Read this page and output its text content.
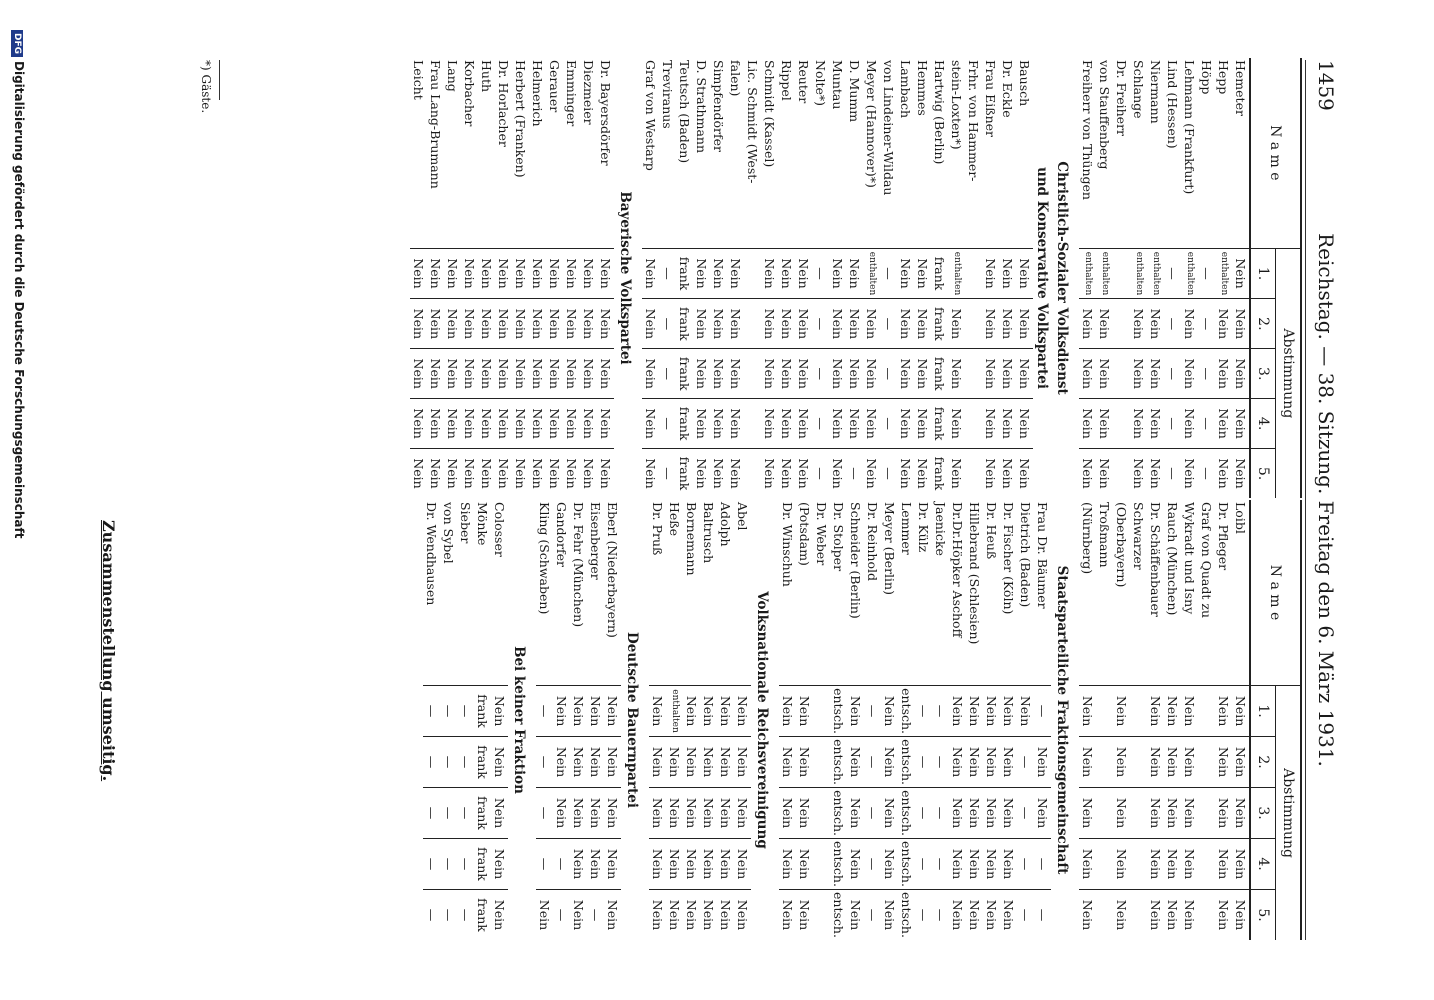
1459
Reichstag. — 38. Sitzung. Freitag den 6. März 1931.
N a m e	Abstimmung				
	1.	2.	3.	4.	5.
Hemeter	Nein	Nein	Nein	Nein	Nein
Hepp	enthalten	Nein	Nein	Nein	Nein
Höpp	—	—	—	—	—
Lehmann (Frankfurt)	enthalten	Nein	Nein	Nein	Nein
Lind (Hessen)	—	—	—	—	—
Niermann	enthalten	Nein	Nein	Nein	Nein
Schlange	enthalten	Nein	Nein	Nein	Nein
Dr. Freiherr					
von Stauffenberg	enthalten	Nein	Nein	Nein	Nein
Freiherr von Thüngen	enthalten	Nein	Nein	Nein	Nein
Christlich-Sozialer Volksdienst					
und Konservative Volkspartei					
Bausch	Nein	Nein	Nein	Nein	Nein
Dr. Eckle	Nein	Nein	Nein	Nein	Nein
Frau Eißner	Nein	Nein	Nein	Nein	Nein
Frhr. von Hammer-					
stein-Loxten*)	enthalten	Nein	Nein	Nein	Nein
Hartwig (Berlin)	frank	frank	frank	frank	frank
Hemmes	Nein	Nein	Nein	Nein	Nein
Lambach	Nein	Nein	Nein	Nein	Nein
von Lindeiner-Wildau	—	—	—	—	—
Meyer (Hannover)*)	enthalten	Nein	Nein	Nein	Nein
D. Mumm	Nein	Nein	Nein	Nein	—
Muntau	Nein	Nein	Nein	Nein	Nein
Nolte*)	—	—	—	—	—
Reuter	Nein	Nein	Nein	Nein	Nein
Rippel	Nein	Nein	Nein	Nein	Nein
Schmidt (Kassel)	Nein	Nein	Nein	Nein	Nein
Lic. Schmidt (West-					
falen)	Nein	Nein	Nein	Nein	Nein
Simpfendörfer	Nein	Nein	Nein	Nein	Nein
D. Strathmann	Nein	Nein	Nein	Nein	Nein
Teutsch (Baden)	frank	frank	frank	frank	frank
Treviranus	—	—	—	—	—
Graf von Westarp	Nein	Nein	Nein	Nein	Nein
Bayerische Volkspartei					
Dr. Bayersdörfer	Nein	Nein	Nein	Nein	Nein
Diezmeier	Nein	Nein	Nein	Nein	Nein
Emminger	Nein	Nein	Nein	Nein	Nein
Gerauer	Nein	Nein	Nein	Nein	Nein
Helmerich	Nein	Nein	Nein	Nein	Nein
Herbert (Franken)	Nein	Nein	Nein	Nein	Nein
Dr. Horlacher	Nein	Nein	Nein	Nein	Nein
Huth	Nein	Nein	Nein	Nein	Nein
Korbacher	Nein	Nein	Nein	Nein	Nein
Lang	Nein	Nein	Nein	Nein	Nein
Frau Lang-Brumann	Nein	Nein	Nein	Nein	Nein
Leicht	Nein	Nein	Nein	Nein	Nein
N a m e	Abstimmung				
	1.	2.	3.	4.	5.
Loibl	Nein	Nein	Nein	Nein	Nein
Dr. Pfleger	Nein	Nein	Nein	Nein	Nein
Graf von Quadt zu					
Wykradt und Isny	Nein	Nein	Nein	Nein	Nein
Rauch (München)	Nein	Nein	Nein	Nein	Nein
Dr. Schäffenbauer	Nein	Nein	Nein	Nein	Nein
Schwarzer					
(Oberbayern)	Nein	Nein	Nein	Nein	Nein
Troßmann					
(Nürnberg)	Nein	Nein	Nein	Nein	Nein
Staatsparteiliche Fraktionsgemeinschaft					
Frau Dr. Bäumer	—	Nein	Nein	—	—
Dietrich (Baden)	Nein	—	—	—	—
Dr. Fischer (Köln)	Nein	Nein	Nein	Nein	Nein
Dr. Heuß	Nein	Nein	Nein	Nein	Nein
Hillebrand (Schlesien)	Nein	Nein	Nein	Nein	Nein
Dr.Dr.Höpker Aschoff	Nein	Nein	Nein	Nein	Nein
Jaenicke	—	—	—	—	—
Dr. Külz	—	—	—	—	—
Lemmer	entsch.	entsch.	entsch.	entsch.	entsch.
Meyer (Berlin)	Nein	Nein	Nein	Nein	Nein
Dr. Reinhold	—	—	—	—	—
Schneider (Berlin)	Nein	Nein	Nein	Nein	Nein
Dr. Stolper	entsch.	entsch.	entsch.	entsch.	entsch.
Dr. Weber					
(Potsdam)	Nein	Nein	Nein	Nein	Nein
Dr. Winschuh	Nein	Nein	Nein	Nein	Nein
Volksnationale Reichsvereinigung					
Abel	Nein	Nein	Nein	Nein	Nein
Adolph	Nein	Nein	Nein	Nein	Nein
Baltrusch	Nein	Nein	Nein	Nein	Nein
Bornemann	Nein	Nein	Nein	Nein	Nein
Heße	enthalten	Nein	Nein	Nein	Nein
Dr. Pruß	Nein	Nein	Nein	Nein	Nein
Deutsche Bauernpartei					
Eberl (Niederbayern)	Nein	Nein	Nein	Nein	Nein
Eisenberger	Nein	Nein	Nein	Nein	—
Dr. Fehr (München)	Nein	Nein	Nein	Nein	Nein
Gandorfer	Nein	Nein	Nein	—	—
Kling (Schwaben)	—	—	—	—	Nein
Bei keiner Fraktion					
Colosser	Nein	Nein	Nein	Nein	Nein
Mönke	frank	frank	frank	frank	frank
Sieber	—	—	—	—	—
von Sybel	—	—	—	—	—
Dr. Wendhausen	—	—	—	—	—
*) Gäste.
Zusammenstellung umseitig.
DFGDigitalisierung gefördert durch die Deutsche Forschungsgemeinschaft
